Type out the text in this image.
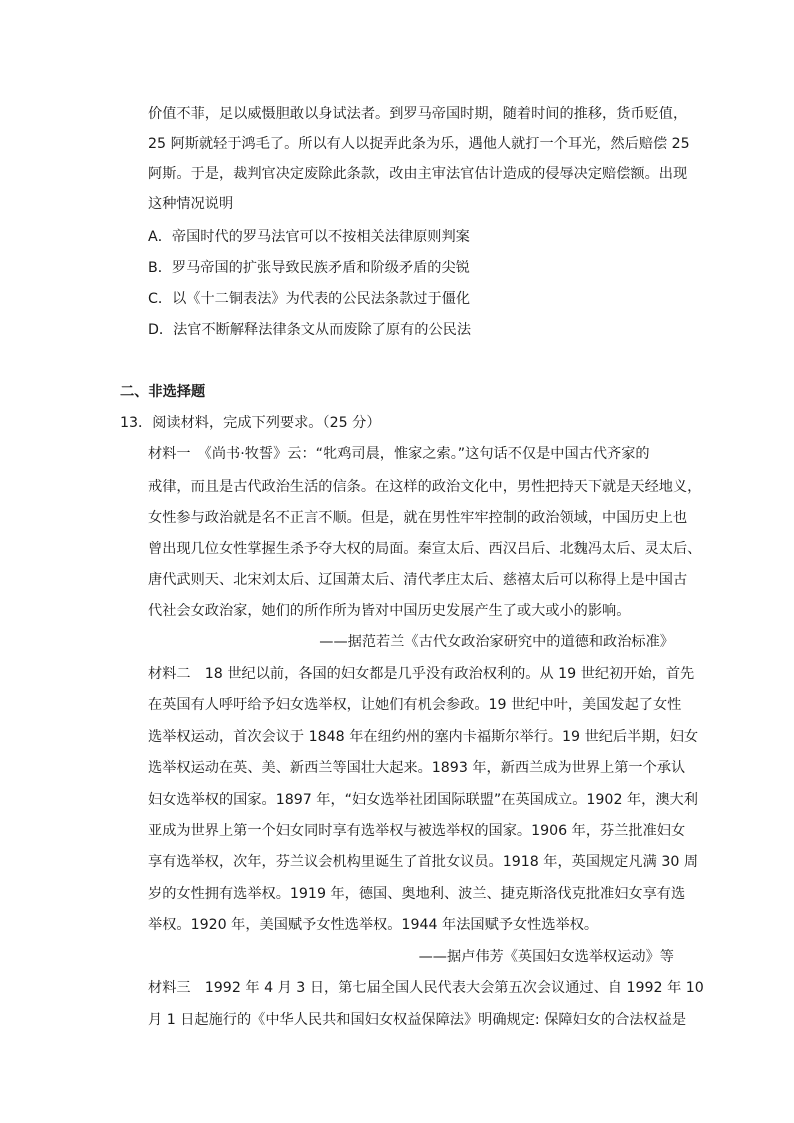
价值不菲，足以威慑胆敢以身试法者。到罗马帝国时期，随着时间的推移，货币贬值，
25 阿斯就轻于鸿毛了。所以有人以捉弄此条为乐，遇他人就打一个耳光，然后赔偿 25
阿斯。于是，裁判官决定废除此条款，改由主审法官估计造成的侵辱决定赔偿额。出现
这种情况说明
A．帝国时代的罗马法官可以不按相关法律原则判案
B．罗马帝国的扩张导致民族矛盾和阶级矛盾的尖锐
C．以《十二铜表法》为代表的公民法条款过于僵化
D．法官不断解释法律条文从而废除了原有的公民法
二、非选择题
13．阅读材料，完成下列要求。（25 分）
材料一　《尚书·牧誓》云：“牝鸡司晨，惟家之索。”这句话不仅是中国古代齐家的
戒律，而且是古代政治生活的信条。在这样的政治文化中，男性把持天下就是天经地义，
女性参与政治就是名不正言不顺。但是，就在男性牢牢控制的政治领域，中国历史上也
曾出现几位女性掌握生杀予夺大权的局面。秦宣太后、西汉吕后、北魏冯太后、灵太后、
唐代武则天、北宋刘太后、辽国萧太后、清代孝庄太后、慈禧太后可以称得上是中国古
代社会女政治家，她们的所作所为皆对中国历史发展产生了或大或小的影响。
——据范若兰《古代女政治家研究中的道德和政治标准》
材料二　18 世纪以前，各国的妇女都是几乎没有政治权利的。从 19 世纪初开始，首先
在英国有人呼吁给予妇女选举权，让她们有机会参政。19 世纪中叶，美国发起了女性
选举权运动，首次会议于 1848 年在纽约州的塞内卡福斯尔举行。19 世纪后半期，妇女
选举权运动在英、美、新西兰等国壮大起来。1893 年，新西兰成为世界上第一个承认
妇女选举权的国家。1897 年，“妇女选举社团国际联盟”在英国成立。1902 年，澳大利
亚成为世界上第一个妇女同时享有选举权与被选举权的国家。1906 年，芬兰批准妇女
享有选举权，次年，芬兰议会机构里诞生了首批女议员。1918 年，英国规定凡满 30 周
岁的女性拥有选举权。1919 年，德国、奥地利、波兰、捷克斯洛伐克批准妇女享有选
举权。1920 年，美国赋予女性选举权。1944 年法国赋予女性选举权。
——据卢伟芳《英国妇女选举权运动》等
材料三　1992 年 4 月 3 日，第七届全国人民代表大会第五次会议通过、自 1992 年 10
月 1 日起施行的《中华人民共和国妇女权益保障法》明确规定: 保障妇女的合法权益是
